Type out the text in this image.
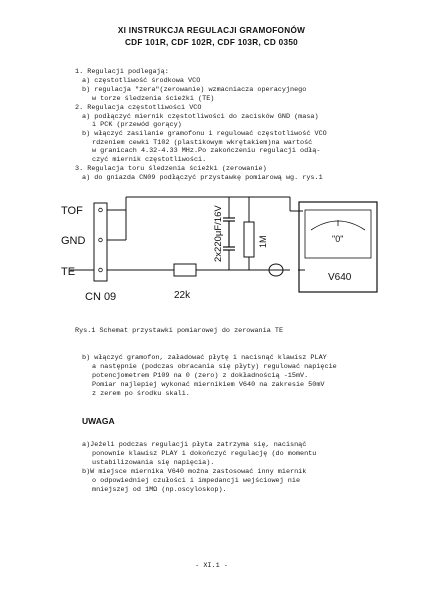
XI INSTRUKCJA REGULACJI GRAMOFONÓW
CDF 101R, CDF 102R, CDF 103R, CD 0350
1. Regulacji podlegają:
a) częstotliwość środkowa VCO
b) regulacja "zera"(zerowanie) wzmacniacza operacyjnego
w torze śledzenia ścieżki (TE)
2. Regulacja częstotliwości VCO
a) podłączyć miernik częstotliwości do zacisków GND (masa)
i PCK (przewód gorący)
b) włączyć zasilanie gramofonu i regulować częstotliwość VCO
rdzeniem cewki T102 (plastikowym wkrętakiem)na wartość
w granicach 4.32-4.33 MHz.Po zakończeniu regulacji odłą-
czyć miernik częstotliwości.
3. Regulacja toru śledzenia ścieżki (zerowanie)
a) do gniazda CN09 podłączyć przystawkę pomiarową wg. rys.1
TOF
GND
TE
CN 09	22k
1M
2x220μF/16V	"0"
V640
Rys.1 Schemat przystawki pomiarowej do zerowania TE
b) włączyć gramofon, załadować płytę i nacisnąć klawisz PLAY
a następnie (podczas obracania się płyty) regulować napięcie
potencjometrem P109 na 0 (zero) z dokładnością -15mV.
Pomiar najlepiej wykonać miernikiem V640 na zakresie 50mV
z zerem po środku skali.
UWAGA
a)Jeżeli podczas regulacji płyta zatrzyma się, nacisnąć
ponownie klawisz PLAY i dokończyć regulację (do momentu
ustabilizowania się napięcia).
b)W miejsce miernika V640 można zastosować inny miernik
o odpowiedniej czułości i impedancji wejściowej nie
mniejszej od 1MΩ (np.oscyloskop).
- XI.1 -
